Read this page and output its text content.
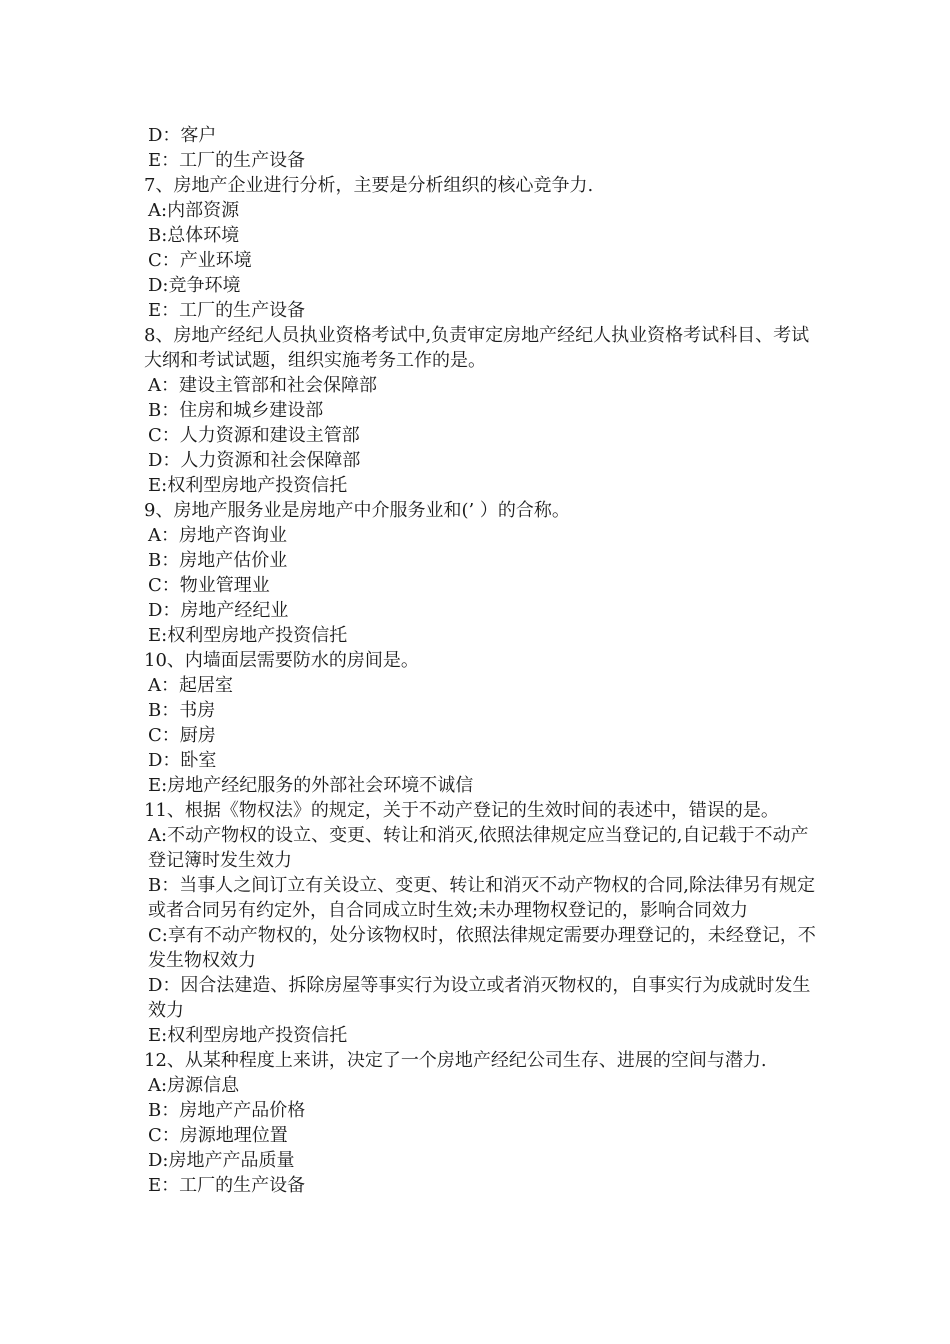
D：客户

E：工厂的生产设备

7、房地产企业进行分析，主要是分析组织的核心竞争力.

A:内部资源

B:总体环境

C：产业环境

D:竞争环境

E：工厂的生产设备

8、房地产经纪人员执业资格考试中,负责审定房地产经纪人执业资格考试科目、考试大纲和考试试题，组织实施考务工作的是。

A：建设主管部和社会保障部

B：住房和城乡建设部

C：人力资源和建设主管部

D：人力资源和社会保障部

E:权利型房地产投资信托

9、房地产服务业是房地产中介服务业和(’ ）的合称。

A：房地产咨询业

B：房地产估价业

C：物业管理业

D：房地产经纪业

E:权利型房地产投资信托

10、内墙面层需要防水的房间是。

A：起居室

B：书房

C：厨房

D：卧室

E:房地产经纪服务的外部社会环境不诚信

11、根据《物权法》的规定，关于不动产登记的生效时间的表述中，错误的是。

A:不动产物权的设立、变更、转让和消灭,依照法律规定应当登记的,自记载于不动产登记簿时发生效力

B：当事人之间订立有关设立、变更、转让和消灭不动产物权的合同,除法律另有规定或者合同另有约定外，自合同成立时生效;未办理物权登记的，影响合同效力

C:享有不动产物权的，处分该物权时，依照法律规定需要办理登记的，未经登记，不发生物权效力

D：因合法建造、拆除房屋等事实行为设立或者消灭物权的，自事实行为成就时发生效力

E:权利型房地产投资信托

12、从某种程度上来讲，决定了一个房地产经纪公司生存、进展的空间与潜力.

A:房源信息

B：房地产产品价格

C：房源地理位置

D:房地产产品质量

E：工厂的生产设备
